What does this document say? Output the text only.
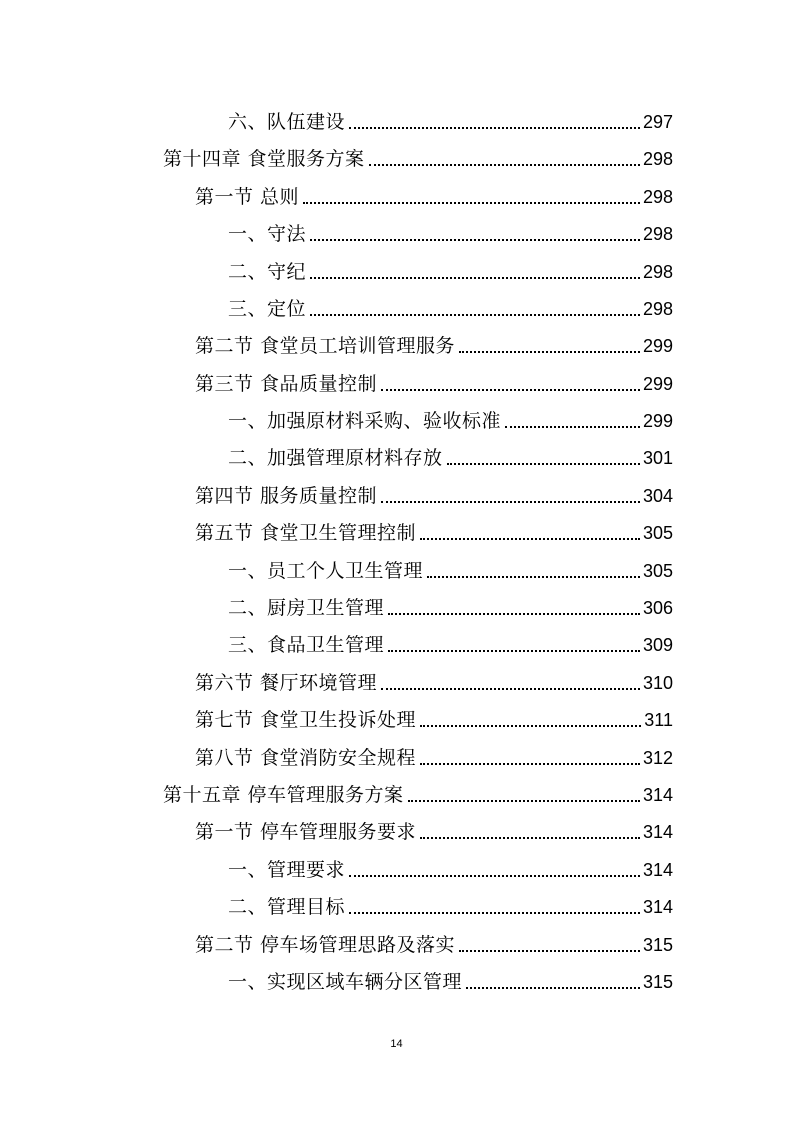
六、队伍建设	297
第十四章 食堂服务方案	298
第一节 总则	298
一、守法	298
二、守纪	298
三、定位	298
第二节 食堂员工培训管理服务	299
第三节 食品质量控制	299
一、加强原材料采购、验收标准	299
二、加强管理原材料存放	301
第四节 服务质量控制	304
第五节 食堂卫生管理控制	305
一、员工个人卫生管理	305
二、厨房卫生管理	306
三、食品卫生管理	309
第六节 餐厅环境管理	310
第七节 食堂卫生投诉处理	311
第八节 食堂消防安全规程	312
第十五章 停车管理服务方案	314
第一节 停车管理服务要求	314
一、管理要求	314
二、管理目标	314
第二节 停车场管理思路及落实	315
一、实现区域车辆分区管理	315
14
